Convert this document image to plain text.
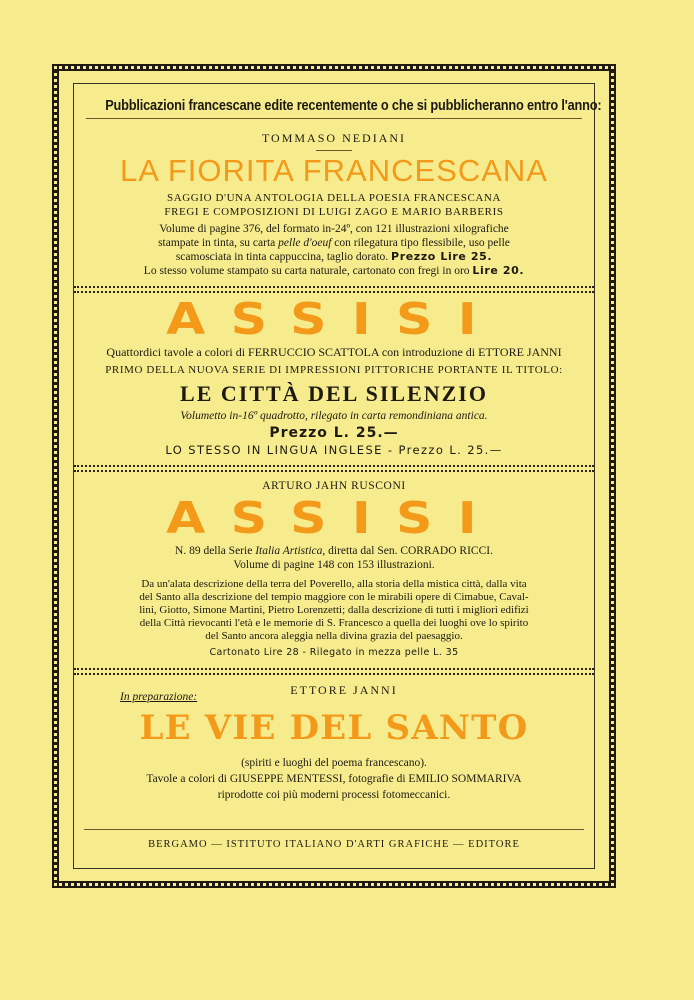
Pubblicazioni francescane edite recentemente o che si pubblicheranno entro l'anno:
TOMMASO NEDIANI
LA FIORITA FRANCESCANA
SAGGIO D'UNA ANTOLOGIA DELLA POESIA FRANCESCANA
FREGI E COMPOSIZIONI DI LUIGI ZAGO E MARIO BARBERIS
Volume di pagine 376, del formato in-24º, con 121 illustrazioni xilografiche
stampate in tinta, su carta pelle d'oeuf con rilegatura tipo flessibile, uso pelle
scamosciata in tinta cappuccina, taglio dorato. Prezzo Lire 25.
Lo stesso volume stampato su carta naturale, cartonato con fregi in oro Lire 20.
ASSISI
Quattordici tavole a colori di FERRUCCIO SCATTOLA con introduzione di ETTORE JANNI
PRIMO DELLA NUOVA SERIE DI IMPRESSIONI PITTORICHE PORTANTE IL TITOLO:
LE CITTÀ DEL SILENZIO
Volumetto in-16º quadrotto, rilegato in carta remondiniana antica.
Prezzo L. 25.—
LO STESSO IN LINGUA INGLESE - Prezzo L. 25.—
ARTURO JAHN RUSCONI
ASSISI
N. 89 della Serie Italia Artistica, diretta dal Sen. CORRADO RICCI.
Volume di pagine 148 con 153 illustrazioni.
Da un'alata descrizione della terra del Poverello, alla storia della mistica città, dalla vita
del Santo alla descrizione del tempio maggiore con le mirabili opere di Cimabue, Caval-
lini, Giotto, Simone Martini, Pietro Lorenzetti; dalla descrizione di tutti i migliori edifizi
della Città rievocanti l'età e le memorie di S. Francesco a quella dei luoghi ove lo spirito
del Santo ancora aleggia nella divina grazia del paesaggio.
Cartonato Lire 28 - Rilegato in mezza pelle L. 35
In preparazione:	ETTORE JANNI
LE VIE DEL SANTO
(spiriti e luoghi del poema francescano).
Tavole a colori di GIUSEPPE MENTESSI, fotografie di EMILIO SOMMARIVA
riprodotte coi più moderni processi fotomeccanici.
BERGAMO — ISTITUTO ITALIANO D'ARTI GRAFICHE — EDITORE
